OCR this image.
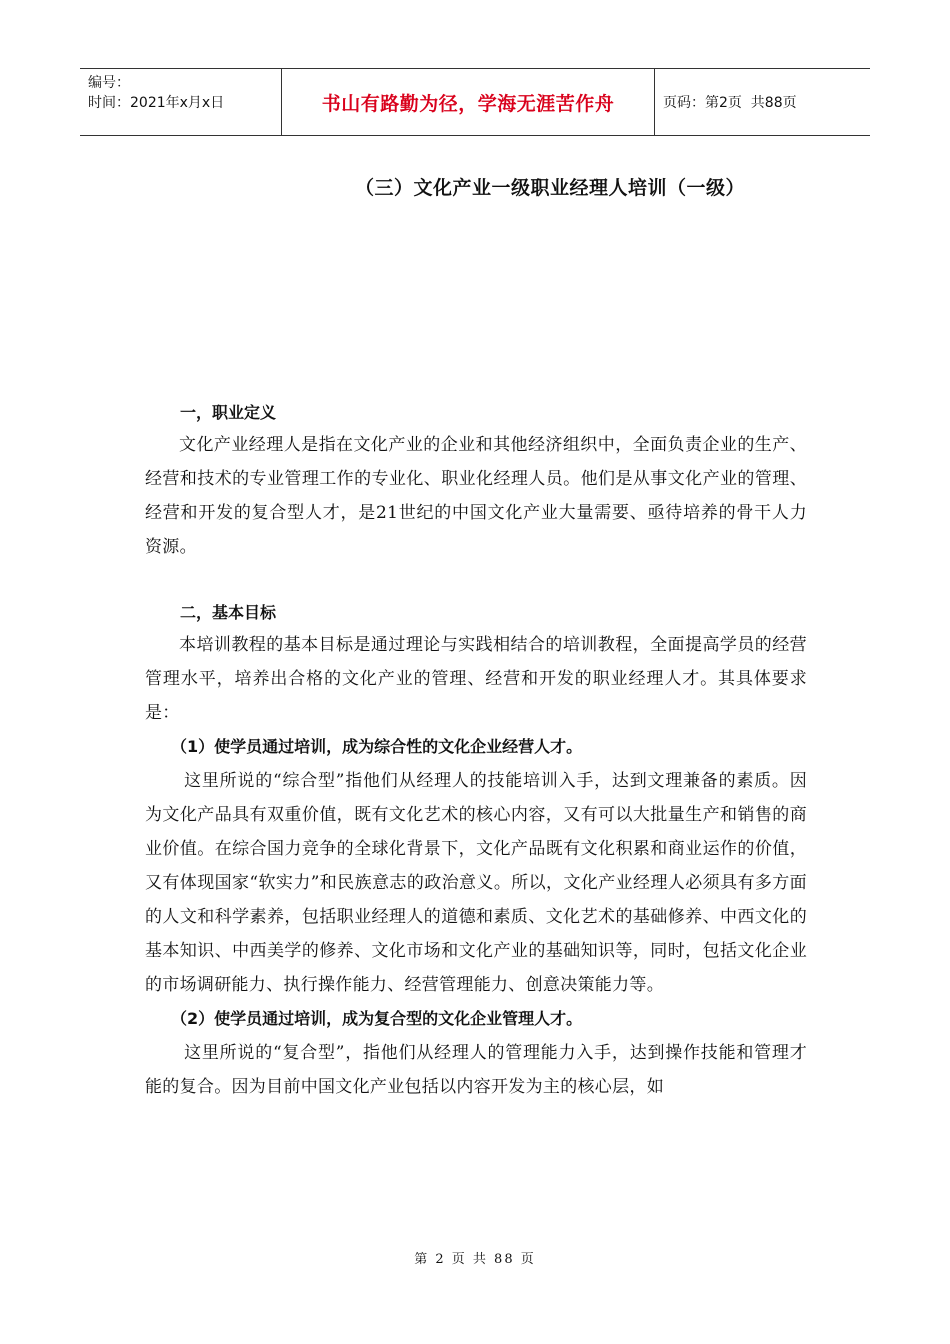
编号：
时间：2021年x月x日	书山有路勤为径，学海无涯苦作舟	页码：第2页  共88页
（三）文化产业一级职业经理人培训（一级）
一，职业定义

文化产业经理人是指在文化产业的企业和其他经济组织中，全面负责企业的生产、经营和技术的专业管理工作的专业化、职业化经理人员。他们是从事文化产业的管理、经营和开发的复合型人才，是21世纪的中国文化产业大量需要、亟待培养的骨干人力资源。

二，基本目标

本培训教程的基本目标是通过理论与实践相结合的培训教程，全面提高学员的经营管理水平，培养出合格的文化产业的管理、经营和开发的职业经理人才。其具体要求是：

（1）使学员通过培训，成为综合性的文化企业经营人才。

这里所说的“综合型”指他们从经理人的技能培训入手，达到文理兼备的素质。因为文化产品具有双重价值，既有文化艺术的核心内容，又有可以大批量生产和销售的商业价值。在综合国力竞争的全球化背景下，文化产品既有文化积累和商业运作的价值，又有体现国家“软实力”和民族意志的政治意义。所以，文化产业经理人必须具有多方面的人文和科学素养，包括职业经理人的道德和素质、文化艺术的基础修养、中西文化的基本知识、中西美学的修养、文化市场和文化产业的基础知识等，同时，包括文化企业的市场调研能力、执行操作能力、经营管理能力、创意决策能力等。

（2）使学员通过培训，成为复合型的文化企业管理人才。

这里所说的“复合型”，指他们从经理人的管理能力入手，达到操作技能和管理才能的复合。因为目前中国文化产业包括以内容开发为主的核心层，如

第 2 页 共 88 页
